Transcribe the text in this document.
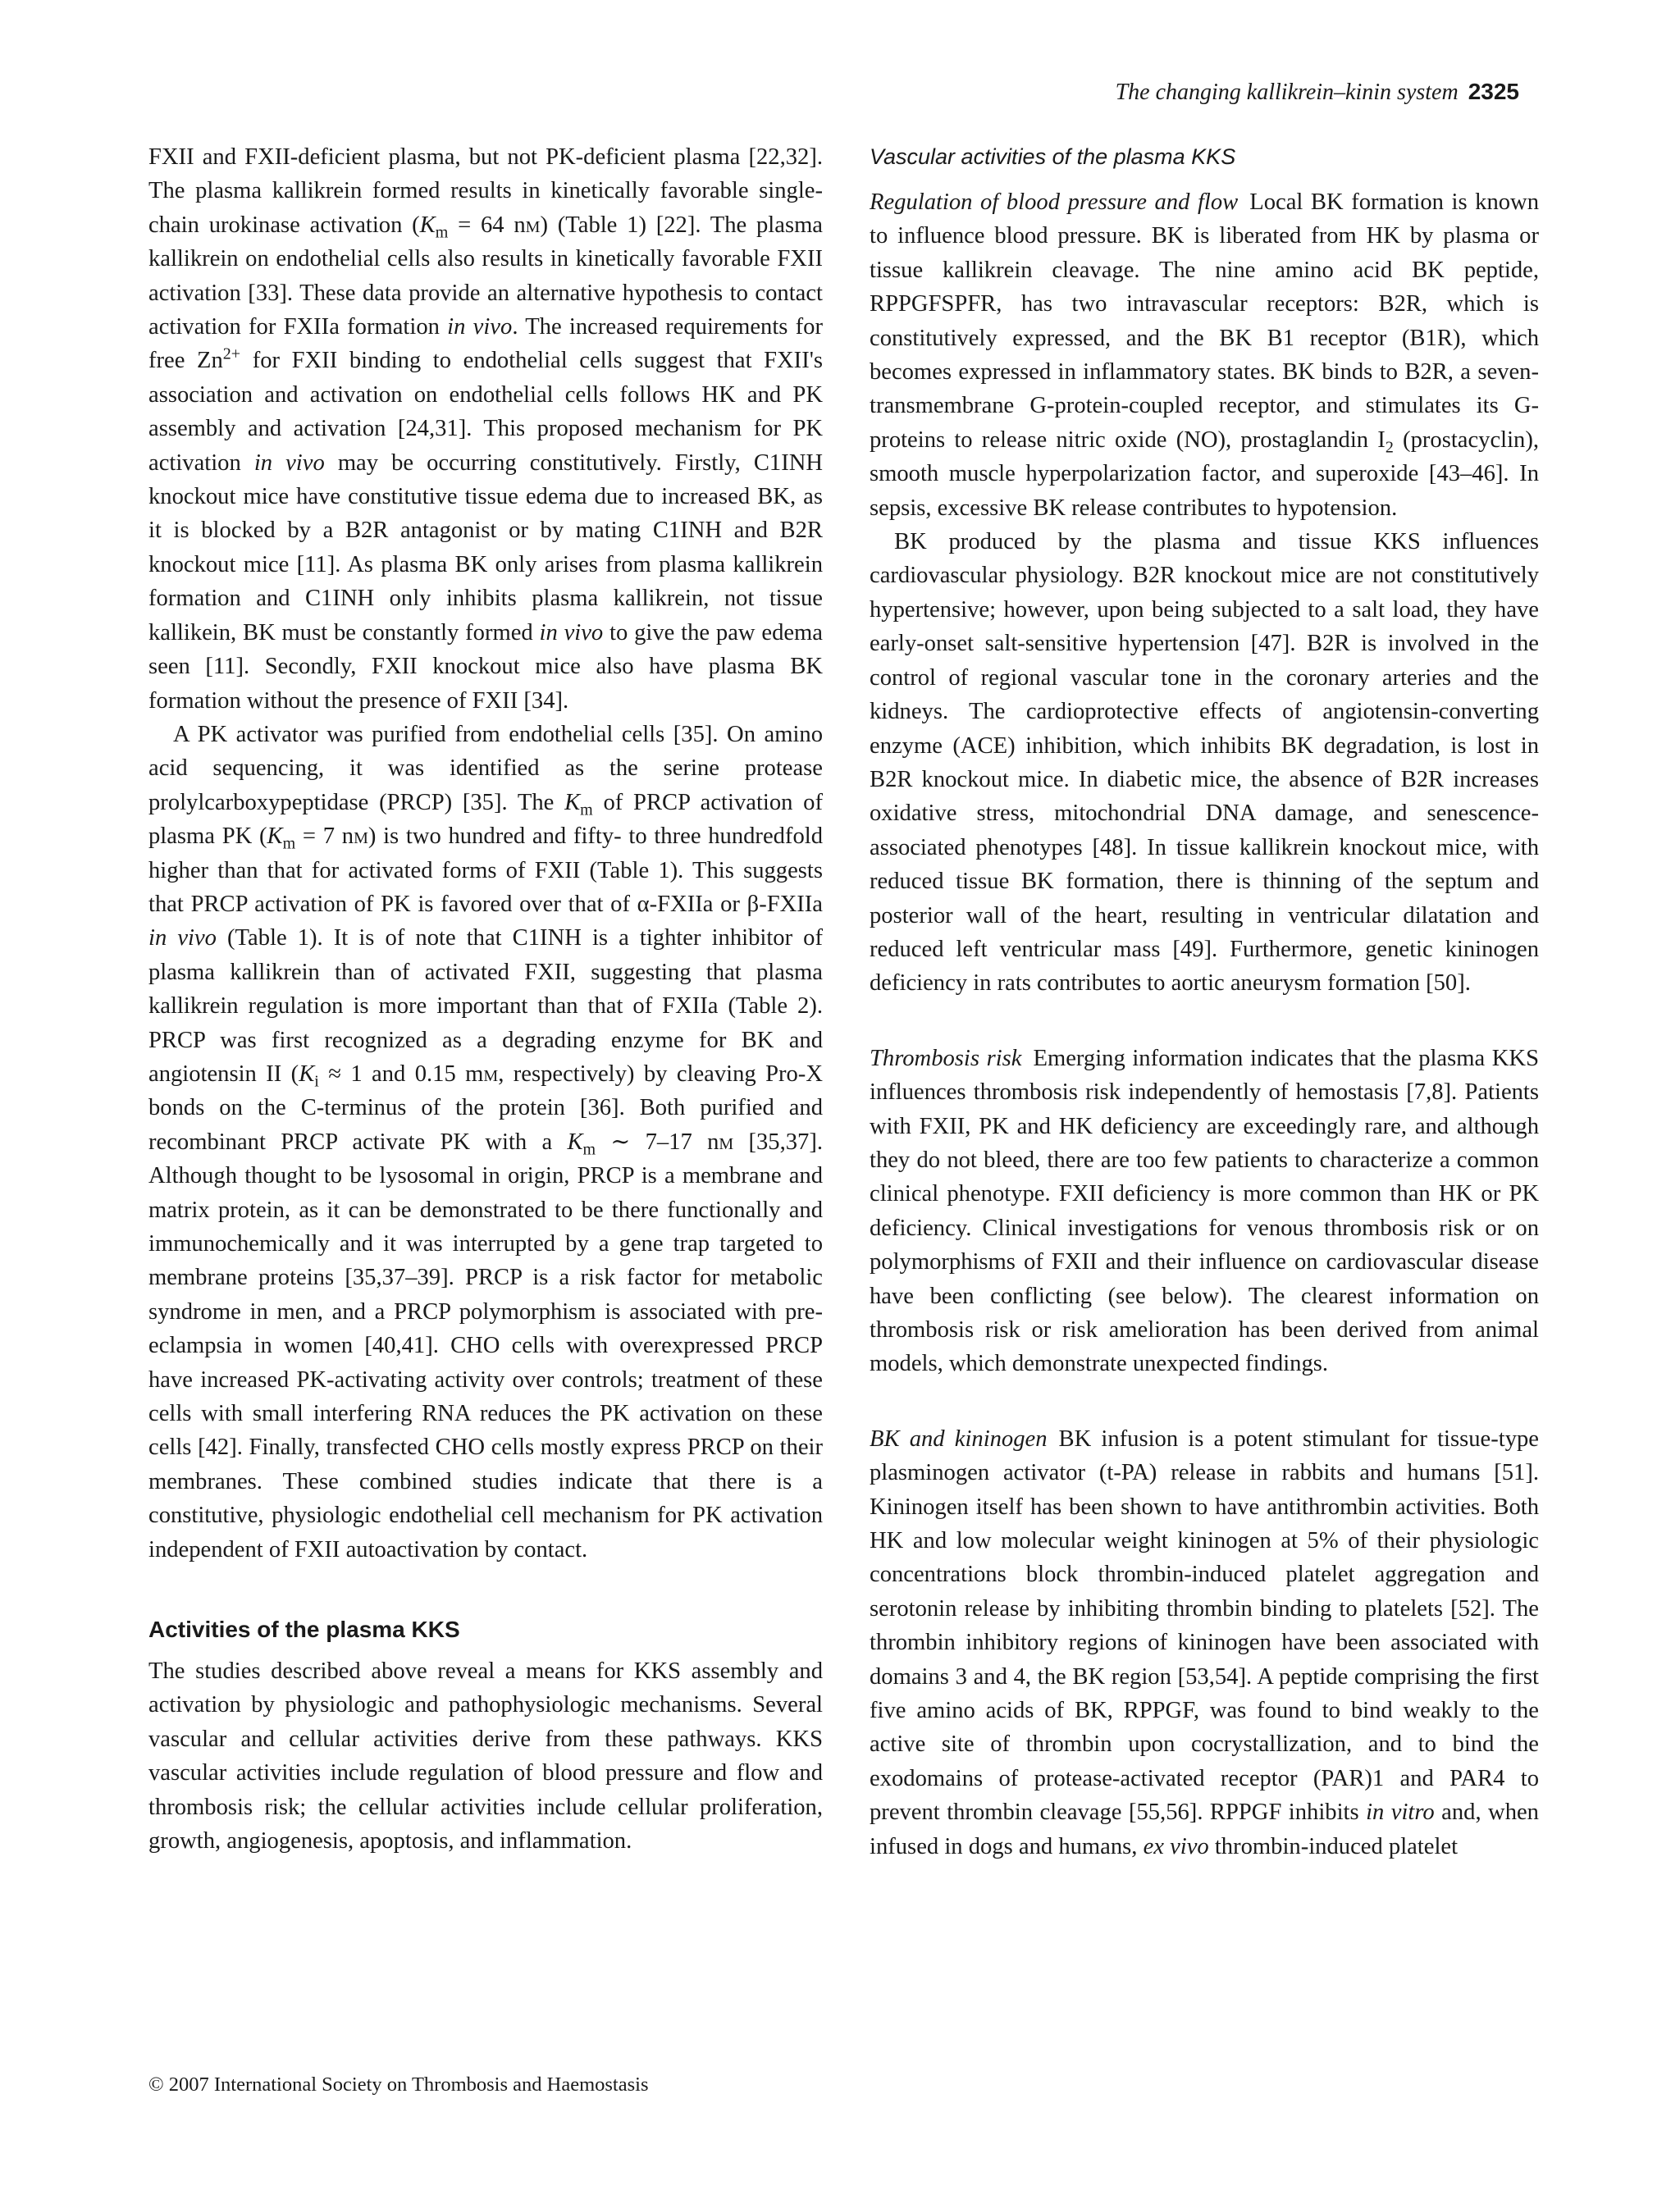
The changing kallikrein–kinin system 2325

FXII and FXII-deficient plasma, but not PK-deficient plasma [22,32]. The plasma kallikrein formed results in kinetically favorable single-chain urokinase activation ($K_m = 64$ nm) (Table 1) [22]. The plasma kallikrein on endothelial cells also results in kinetically favorable FXII activation [33]. These data provide an alternative hypothesis to contact activation for FXIIa formation in vivo. The increased requirements for free $Zn^{2+}$ for FXII binding to endothelial cells suggest that FXII's association and activation on endothelial cells follows HK and PK assembly and activation [24,31]. This proposed mechanism for PK activation in vivo may be occurring constitutively. Firstly, C1INH knockout mice have constitutive tissue edema due to increased BK, as it is blocked by a B2R antagonist or by mating C1INH and B2R knockout mice [11]. As plasma BK only arises from plasma kallikrein formation and C1INH only inhibits plasma kallikrein, not tissue kallikein, BK must be constantly formed in vivo to give the paw edema seen [11]. Secondly, FXII knockout mice also have plasma BK formation without the presence of FXII [34].

A PK activator was purified from endothelial cells [35]. On amino acid sequencing, it was identified as the serine protease prolylcarboxypeptidase (PRCP) [35]. The $K_m$ of PRCP activation of plasma PK ($K_m = 7$ nm) is two hundred and fifty- to three hundredfold higher than that for activated forms of FXII (Table 1). This suggests that PRCP activation of PK is favored over that of α-FXIIa or β-FXIIa in vivo (Table 1). It is of note that C1INH is a tighter inhibitor of plasma kallikrein than of activated FXII, suggesting that plasma kallikrein regulation is more important than that of FXIIa (Table 2). PRCP was first recognized as a degrading enzyme for BK and angiotensin II ($K_i \approx 1$ and 0.15 mm, respectively) by cleaving Pro-X bonds on the C-terminus of the protein [36]. Both purified and recombinant PRCP activate PK with a $K_m$ ∼ 7–17 nm [35,37]. Although thought to be lysosomal in origin, PRCP is a membrane and matrix protein, as it can be demonstrated to be there functionally and immunochemically and it was interrupted by a gene trap targeted to membrane proteins [35,37–39]. PRCP is a risk factor for metabolic syndrome in men, and a PRCP polymorphism is associated with pre-eclampsia in women [40,41]. CHO cells with overexpressed PRCP have increased PK-activating activity over controls; treatment of these cells with small interfering RNA reduces the PK activation on these cells [42]. Finally, transfected CHO cells mostly express PRCP on their membranes. These combined studies indicate that there is a constitutive, physiologic endothelial cell mechanism for PK activation independent of FXII autoactivation by contact.

Activities of the plasma KKS

The studies described above reveal a means for KKS assembly and activation by physiologic and pathophysiologic mechanisms. Several vascular and cellular activities derive from these pathways. KKS vascular activities include regulation of blood pressure and flow and thrombosis risk; the cellular activities include cellular proliferation, growth, angiogenesis, apoptosis, and inflammation.

Vascular activities of the plasma KKS

Regulation of blood pressure and flow Local BK formation is known to influence blood pressure. BK is liberated from HK by plasma or tissue kallikrein cleavage. The nine amino acid BK peptide, RPPGFSPFR, has two intravascular receptors: B2R, which is constitutively expressed, and the BK B1 receptor (B1R), which becomes expressed in inflammatory states. BK binds to B2R, a seven-transmembrane G-protein-coupled receptor, and stimulates its G-proteins to release nitric oxide (NO), prostaglandin $I_2$ (prostacyclin), smooth muscle hyperpolarization factor, and superoxide [43–46]. In sepsis, excessive BK release contributes to hypotension.

BK produced by the plasma and tissue KKS influences cardiovascular physiology. B2R knockout mice are not constitutively hypertensive; however, upon being subjected to a salt load, they have early-onset salt-sensitive hypertension [47]. B2R is involved in the control of regional vascular tone in the coronary arteries and the kidneys. The cardioprotective effects of angiotensin-converting enzyme (ACE) inhibition, which inhibits BK degradation, is lost in B2R knockout mice. In diabetic mice, the absence of B2R increases oxidative stress, mitochondrial DNA damage, and senescence-associated phenotypes [48]. In tissue kallikrein knockout mice, with reduced tissue BK formation, there is thinning of the septum and posterior wall of the heart, resulting in ventricular dilatation and reduced left ventricular mass [49]. Furthermore, genetic kininogen deficiency in rats contributes to aortic aneurysm formation [50].

Thrombosis risk Emerging information indicates that the plasma KKS influences thrombosis risk independently of hemostasis [7,8]. Patients with FXII, PK and HK deficiency are exceedingly rare, and although they do not bleed, there are too few patients to characterize a common clinical phenotype. FXII deficiency is more common than HK or PK deficiency. Clinical investigations for venous thrombosis risk or on polymorphisms of FXII and their influence on cardiovascular disease have been conflicting (see below). The clearest information on thrombosis risk or risk amelioration has been derived from animal models, which demonstrate unexpected findings.

BK and kininogen BK infusion is a potent stimulant for tissue-type plasminogen activator (t-PA) release in rabbits and humans [51]. Kininogen itself has been shown to have antithrombin activities. Both HK and low molecular weight kininogen at 5% of their physiologic concentrations block thrombin-induced platelet aggregation and serotonin release by inhibiting thrombin binding to platelets [52]. The thrombin inhibitory regions of kininogen have been associated with domains 3 and 4, the BK region [53,54]. A peptide comprising the first five amino acids of BK, RPPGF, was found to bind weakly to the active site of thrombin upon cocrystallization, and to bind the exodomains of protease-activated receptor (PAR)1 and PAR4 to prevent thrombin cleavage [55,56]. RPPGF inhibits in vitro and, when infused in dogs and humans, ex vivo thrombin-induced platelet

© 2007 International Society on Thrombosis and Haemostasis
